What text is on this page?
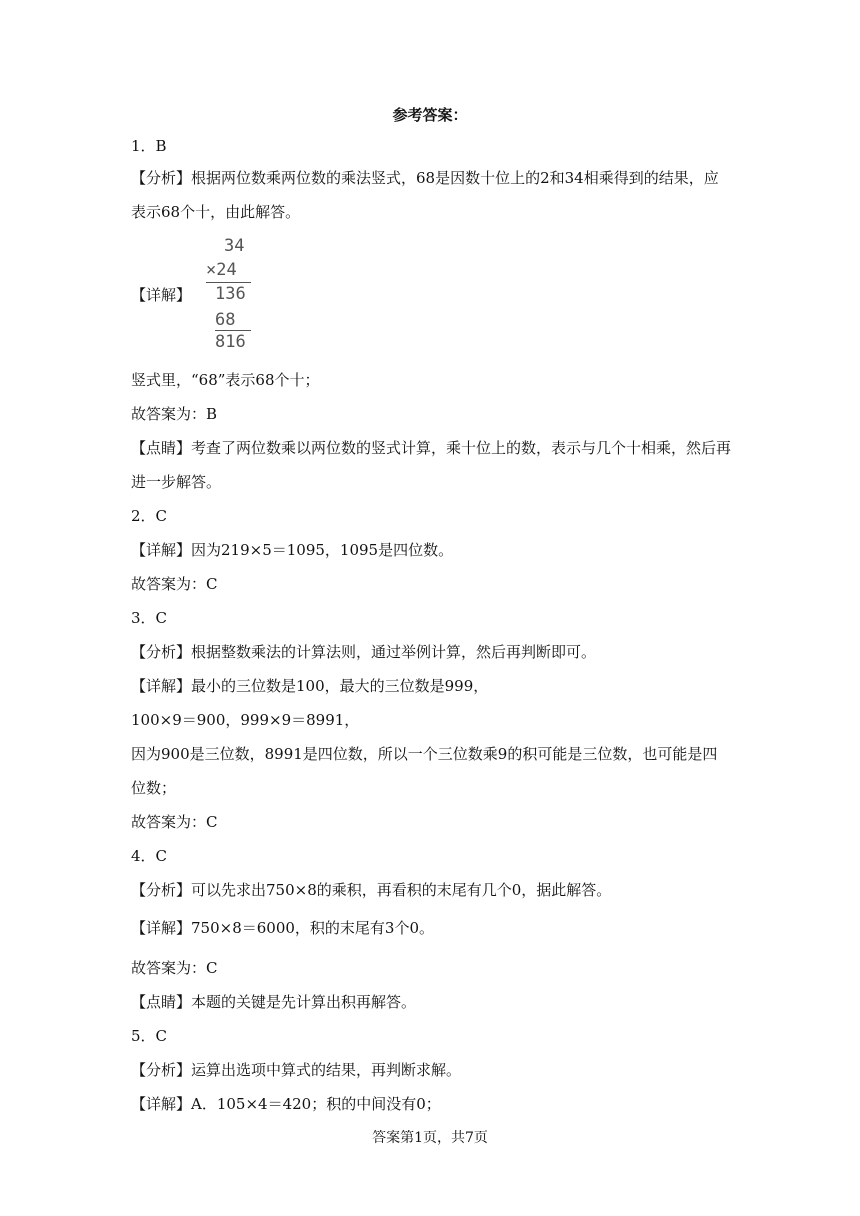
参考答案：
1．B
【分析】根据两位数乘两位数的乘法竖式，68是因数十位上的2和34相乘得到的结果，应
表示68个十，由此解答。
【详解】
34
×24
136
68
816
竖式里，“68”表示68个十；
故答案为：B
【点睛】考查了两位数乘以两位数的竖式计算，乘十位上的数，表示与几个十相乘，然后再
进一步解答。
2．C
【详解】因为219×5＝1095，1095是四位数。
故答案为：C
3．C
【分析】根据整数乘法的计算法则，通过举例计算，然后再判断即可。
【详解】最小的三位数是100，最大的三位数是999，
100×9＝900，999×9＝8991，
因为900是三位数，8991是四位数，所以一个三位数乘9的积可能是三位数，也可能是四
位数；
故答案为：C
4．C
【分析】可以先求出750×8的乘积，再看积的末尾有几个0，据此解答。
【详解】750×8＝6000，积的末尾有3个0。
故答案为：C
【点睛】本题的关键是先计算出积再解答。
5．C
【分析】运算出选项中算式的结果，再判断求解。
【详解】A．105×4＝420；积的中间没有0；
答案第1页，共7页
